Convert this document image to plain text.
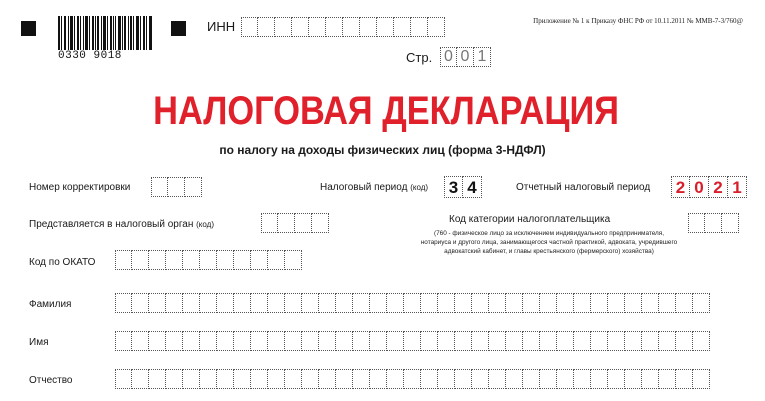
0330 9018
ИНН	Приложение № 1 к Приказу ФНС РФ от 10.11.2011 № ММВ-7-3/760@
Стр. 0 0 1
НАЛОГОВАЯ ДЕКЛАРАЦИЯ
по налогу на доходы физических лиц (форма 3-НДФЛ)
Номер корректировки	Налоговый период (код) 3 4	Отчетный налоговый период 2 0 2 1
Представляется в налоговый орган (код)	Код категории налогоплательщика
(760 - физическое лицо за исключением индивидуального предпринимателя,
нотариуса и другого лица, занимающегося частной практикой, адвоката, учредившего
адвокатский кабинет, и главы крестьянского (фермерского) хозяйства)
Код по ОКАТО
Фамилия
Имя
Отчество
